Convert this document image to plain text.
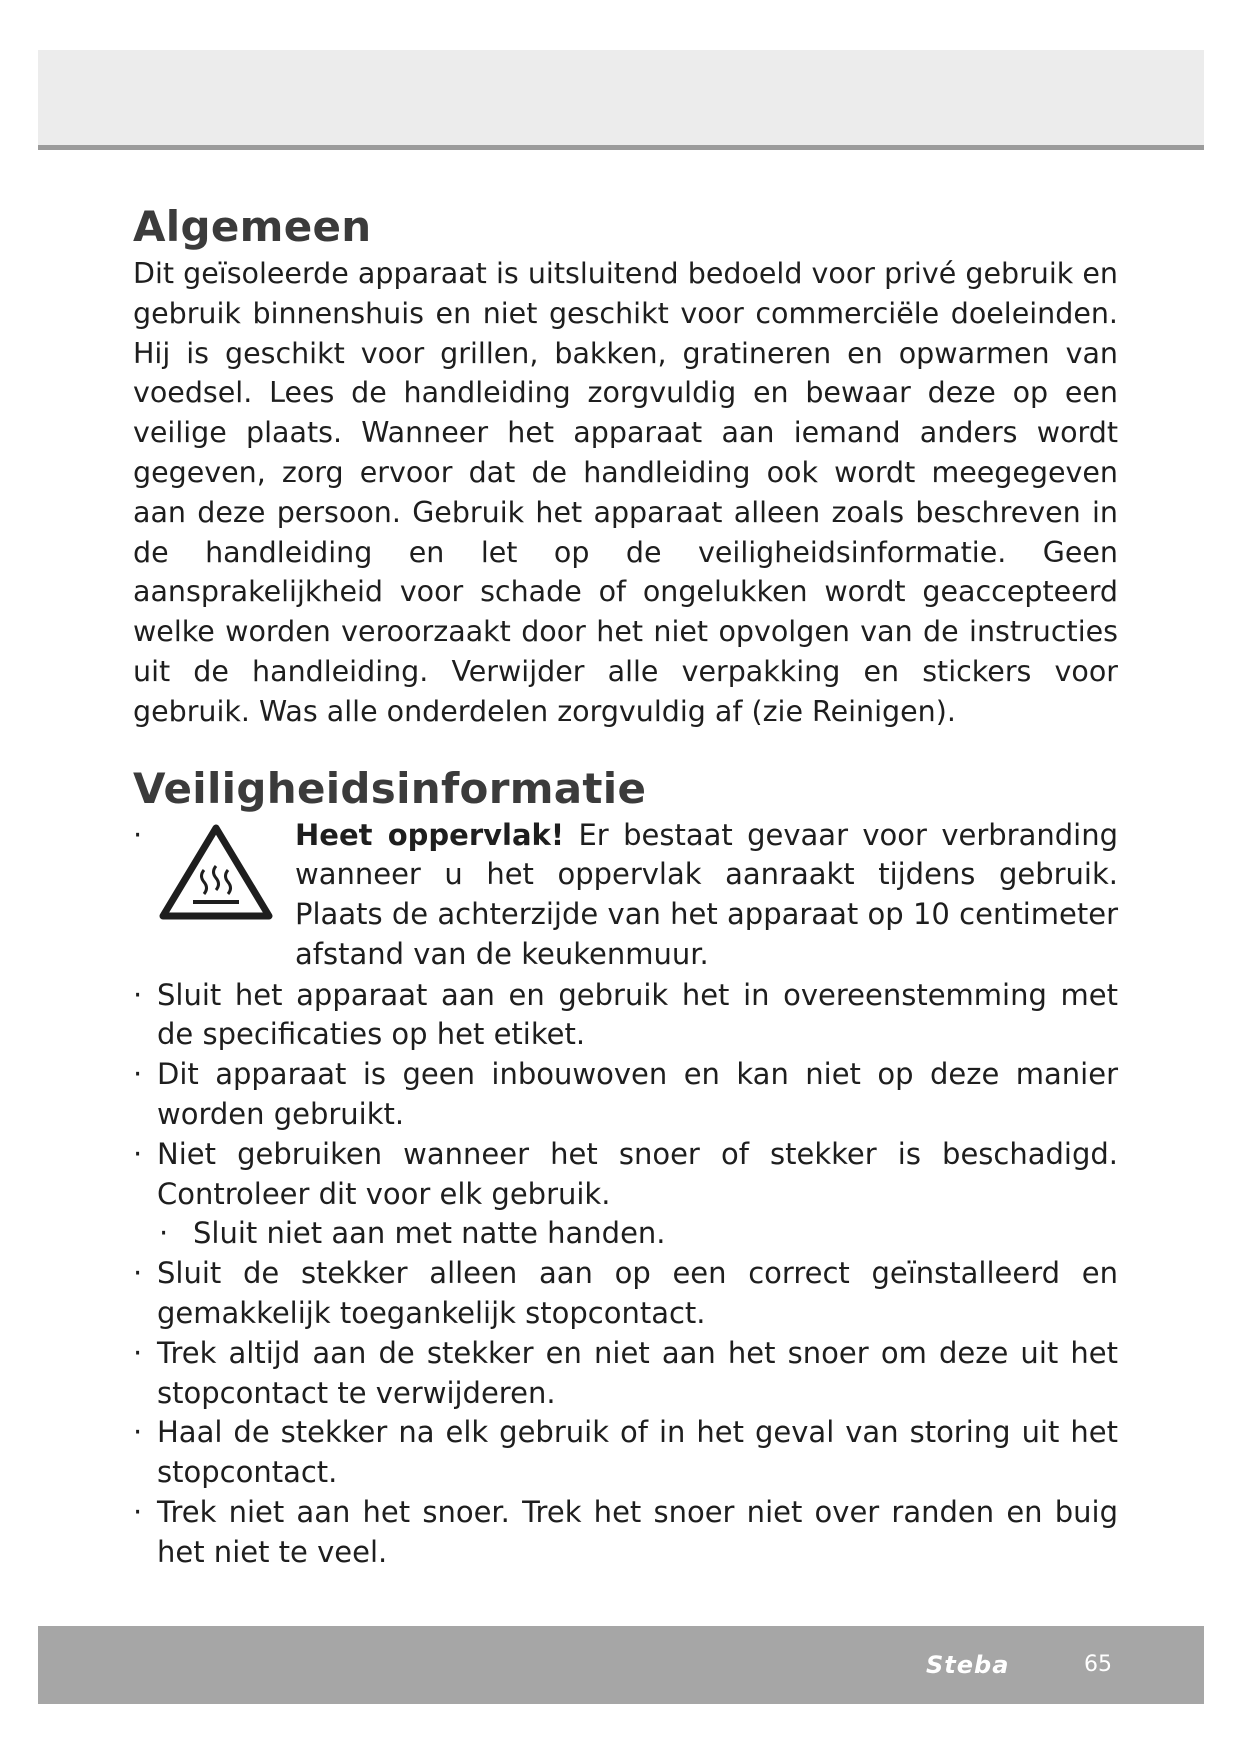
Algemeen

Dit geïsoleerde apparaat is uitsluitend bedoeld voor privé gebruik en gebruik binnenshuis en niet geschikt voor commerciële doeleinden. Hij is geschikt voor grillen, bakken, gratineren en opwarmen van voedsel. Lees de handleiding zorgvuldig en bewaar deze op een veilige plaats. Wanneer het apparaat aan iemand anders wordt gegeven, zorg ervoor dat de handleiding ook wordt meegegeven aan deze persoon. Gebruik het apparaat alleen zoals beschreven in de handleiding en let op de veiligheidsinformatie. Geen aansprakelijkheid voor schade of ongelukken wordt geaccepteerd welke worden veroorzaakt door het niet opvolgen van de instructies uit de handleiding. Verwijder alle verpakking en stickers voor gebruik. Was alle onderdelen zorgvuldig af (zie Reinigen).

Veiligheidsinformatie
·	Heet oppervlak! Er bestaat gevaar voor verbranding wanneer u het oppervlak aanraakt tijdens gebruik. Plaats de achterzijde van het apparaat op 10 centimeter afstand van de keukenmuur.
· Sluit het apparaat aan en gebruik het in overeenstemming met de specificaties op het etiket.
· Dit apparaat is geen inbouwoven en kan niet op deze manier worden gebruikt.
· Niet gebruiken wanneer het snoer of stekker is beschadigd. Controleer dit voor elk gebruik.
· Sluit niet aan met natte handen.
· Sluit de stekker alleen aan op een correct geïnstalleerd en gemakkelijk toegankelijk stopcontact.
· Trek altijd aan de stekker en niet aan het snoer om deze uit het stopcontact te verwijderen.
· Haal de stekker na elk gebruik of in het geval van storing uit het stopcontact.
· Trek niet aan het snoer. Trek het snoer niet over randen en buig het niet te veel.
Steba	65
